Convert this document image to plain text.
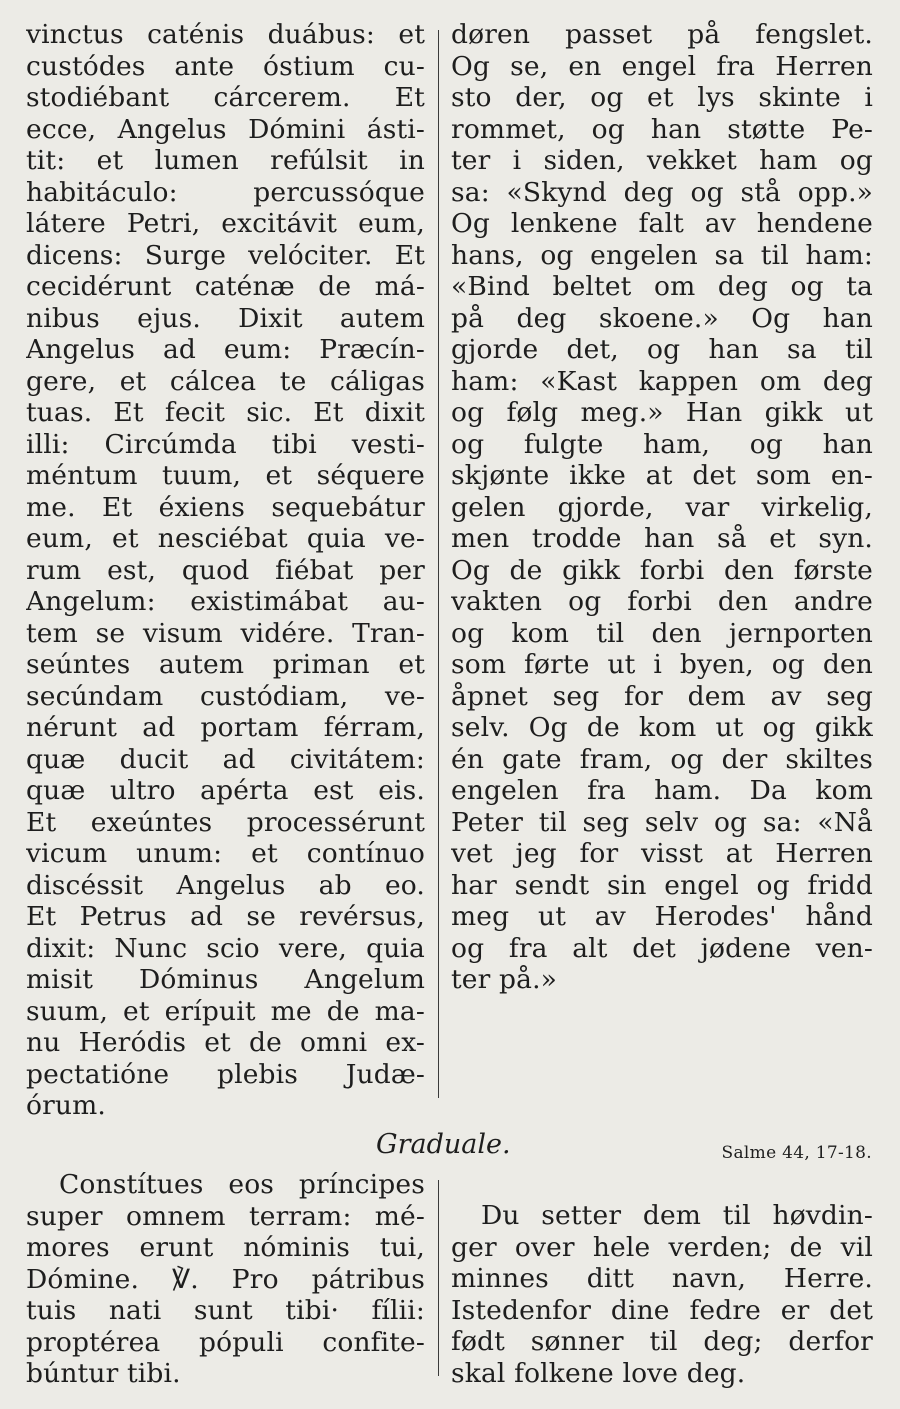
vinctus caténis duábus: et
custódes ante óstium cu-
stodiébant cárcerem. Et
ecce, Angelus Dómini ásti-
tit: et lumen refúlsit in
habitáculo: percussóque
látere Petri, excitávit eum,
dicens: Surge velóciter. Et
cecidérunt caténæ de má-
nibus ejus. Dixit autem
Angelus ad eum: Præcín-
gere, et cálcea te cáligas
tuas. Et fecit sic. Et dixit
illi: Circúmda tibi vesti-
méntum tuum, et séquere
me. Et éxiens sequebátur
eum, et nesciébat quia ve-
rum est, quod fiébat per
Angelum: existimábat au-
tem se visum vidére. Tran-
seúntes autem priman et
secúndam custódiam, ve-
nérunt ad portam férram,
quæ ducit ad civitátem:
quæ ultro apérta est eis.
Et exeúntes processérunt
vicum unum: et contínuo
discéssit Angelus ab eo.
Et Petrus ad se revérsus,
dixit: Nunc scio vere, quia
misit Dóminus Angelum
suum, et erípuit me de ma-
nu Heródis et de omni ex-
pectatióne plebis Judæ-
órum.
døren passet på fengslet.
Og se, en engel fra Herren
sto der, og et lys skinte i
rommet, og han støtte Pe-
ter i siden, vekket ham og
sa: «Skynd deg og stå opp.»
Og lenkene falt av hendene
hans, og engelen sa til ham:
«Bind beltet om deg og ta
på deg skoene.» Og han
gjorde det, og han sa til
ham: «Kast kappen om deg
og følg meg.» Han gikk ut
og fulgte ham, og han
skjønte ikke at det som en-
gelen gjorde, var virkelig,
men trodde han så et syn.
Og de gikk forbi den første
vakten og forbi den andre
og kom til den jernporten
som førte ut i byen, og den
åpnet seg for dem av seg
selv. Og de kom ut og gikk
én gate fram, og der skiltes
engelen fra ham. Da kom
Peter til seg selv og sa: «Nå
vet jeg for visst at Herren
har sendt sin engel og fridd
meg ut av Herodes' hånd
og fra alt det jødene ven-
ter på.»
Graduale.	Salme 44, 17-18.
Constítues eos príncipes
super omnem terram: mé-
mores erunt nóminis tui,
Dómine. ℣. Pro pátribus
tuis nati sunt tibi· fílii:
proptérea pópuli confite-
búntur tibi.
Du setter dem til høvdin-
ger over hele verden; de vil
minnes ditt navn, Herre.
Istedenfor dine fedre er det
født sønner til deg; derfor
skal folkene love deg.
